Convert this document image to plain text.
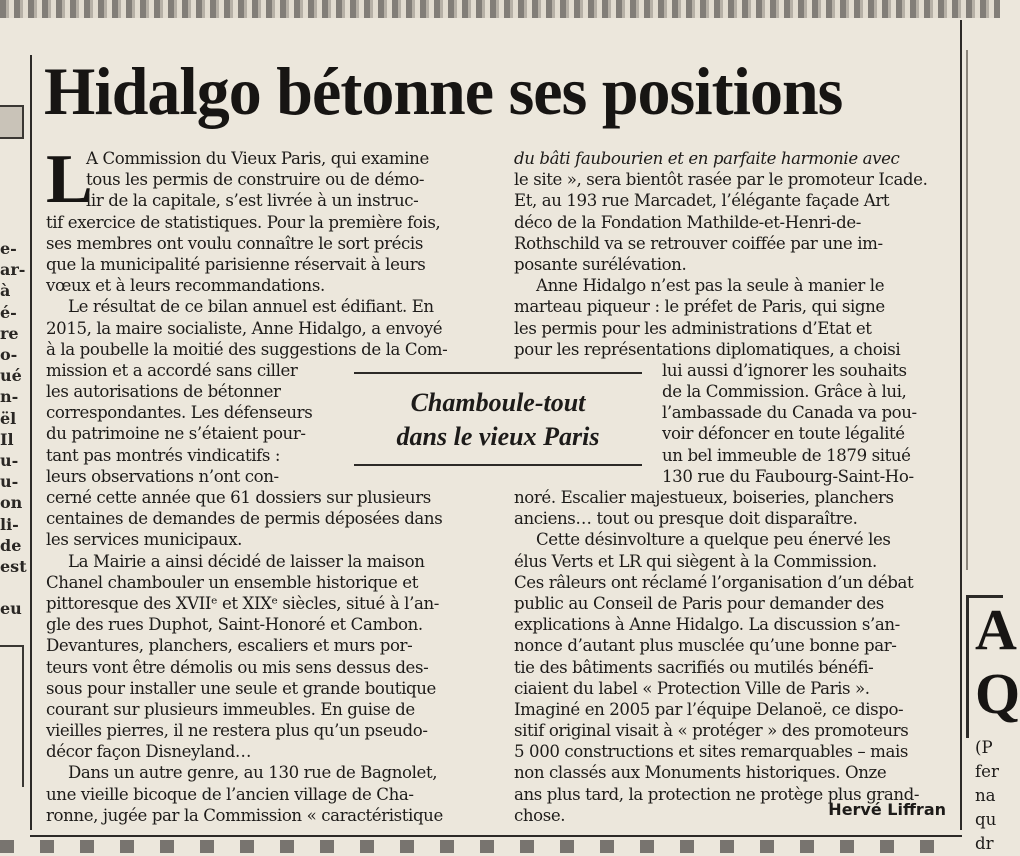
e-
ar-
à
é-
re
o-
ué
n-
ël
Il
u-
u-
on
li-
de
est

eu
Hidalgo bétonne ses positions
L
A Commission du Vieux Paris, qui examine
tous les permis de construire ou de démo-
lir de la capitale, s’est livrée à un instruc-
tif exercice de statistiques. Pour la première fois,
ses membres ont voulu connaître le sort précis
que la municipalité parisienne réservait à leurs
vœux et à leurs recommandations.
Le résultat de ce bilan annuel est édifiant. En
2015, la maire socialiste, Anne Hidalgo, a envoyé
à la poubelle la moitié des suggestions de la Com-
mission et a accordé sans ciller
les autorisations de bétonner
correspondantes. Les défenseurs
du patrimoine ne s’étaient pour-
tant pas montrés vindicatifs :
leurs observations n’ont con-
cerné cette année que 61 dossiers sur plusieurs
centaines de demandes de permis déposées dans
les services municipaux.
La Mairie a ainsi décidé de laisser la maison
Chanel chambouler un ensemble historique et
pittoresque des XVIIᵉ et XIXᵉ siècles, situé à l’an-
gle des rues Duphot, Saint-Honoré et Cambon.
Devantures, planchers, escaliers et murs por-
teurs vont être démolis ou mis sens dessus des-
sous pour installer une seule et grande boutique
courant sur plusieurs immeubles. En guise de
vieilles pierres, il ne restera plus qu’un pseudo-
décor façon Disneyland…
Dans un autre genre, au 130 rue de Bagnolet,
une vieille bicoque de l’ancien village de Cha-
ronne, jugée par la Commission « caractéristique
du bâti faubourien et en parfaite harmonie avec
le site », sera bientôt rasée par le promoteur Icade.
Et, au 193 rue Marcadet, l’élégante façade Art
déco de la Fondation Mathilde-et-Henri-de-
Rothschild va se retrouver coiffée par une im-
posante surélévation.
Anne Hidalgo n’est pas la seule à manier le
marteau piqueur : le préfet de Paris, qui signe
les permis pour les administrations d’Etat et
pour les représentations diplomatiques, a choisi
lui aussi d’ignorer les souhaits
de la Commission. Grâce à lui,
l’ambassade du Canada va pou-
voir défoncer en toute légalité
un bel immeuble de 1879 situé
130 rue du Faubourg-Saint-Ho-
noré. Escalier majestueux, boiseries, planchers
anciens… tout ou presque doit disparaître.
Cette désinvolture a quelque peu énervé les
élus Verts et LR qui siègent à la Commission.
Ces râleurs ont réclamé l’organisation d’un débat
public au Conseil de Paris pour demander des
explications à Anne Hidalgo. La discussion s’an-
nonce d’autant plus musclée qu’une bonne par-
tie des bâtiments sacrifiés ou mutilés bénéfi-
ciaient du label « Protection Ville de Paris ».
Imaginé en 2005 par l’équipe Delanoë, ce dispo-
sitif original visait à « protéger » des promoteurs
5 000 constructions et sites remarquables – mais
non classés aux Monuments historiques. Onze
ans plus tard, la protection ne protège plus grand-
chose.
Chamboule-tout
dans le vieux Paris
Hervé Liffran
A
Q
(P
fer
na
qu
dr
